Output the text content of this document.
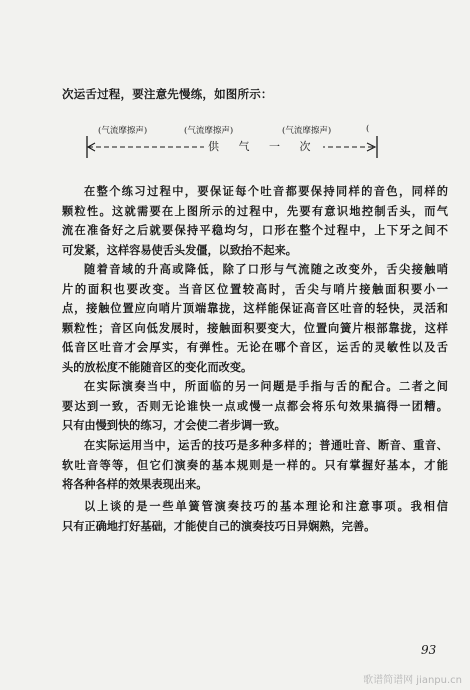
次运舌过程，要注意先慢练，如图所示：
(气流摩擦声)	(气流摩擦声)	(气流摩擦声)	(
供 气 一 次
在整个练习过程中，要保证每个吐音都要保持同样的音色，同样的
颗粒性。这就需要在上图所示的过程中，先要有意识地控制舌头，而气
流在准备好之后就要保持平稳均匀，口形在整个过程中，上下牙之间不
可发紧，这样容易使舌头发僵，以致抬不起来。
随着音域的升高或降低，除了口形与气流随之改变外，舌尖接触哨
片的面积也要改变。当音区位置较高时，舌尖与哨片接触面积要小一
点，接触位置应向哨片顶端靠拢，这样能保证高音区吐音的轻快，灵活和
颗粒性；音区向低发展时，接触面积要变大，位置向簧片根部靠拢，这样
低音区吐音才会厚实，有弹性。无论在哪个音区，运舌的灵敏性以及舌
头的放松度不能随音区的变化而改变。
在实际演奏当中，所面临的另一问题是手指与舌的配合。二者之间
要达到一致，否则无论谁快一点或慢一点都会将乐句效果搞得一团糟。
只有由慢到快的练习，才会使二者步调一致。
在实际运用当中，运舌的技巧是多种多样的；普通吐音、断音、重音、
软吐音等等，但它们演奏的基本规则是一样的。只有掌握好基本，才能
将各种各样的效果表现出来。
以上谈的是一些单簧管演奏技巧的基本理论和注意事项。我相信
只有正确地打好基础，才能使自己的演奏技巧日异娴熟，完善。
93
歌谱简谱网 jianpu.cn
